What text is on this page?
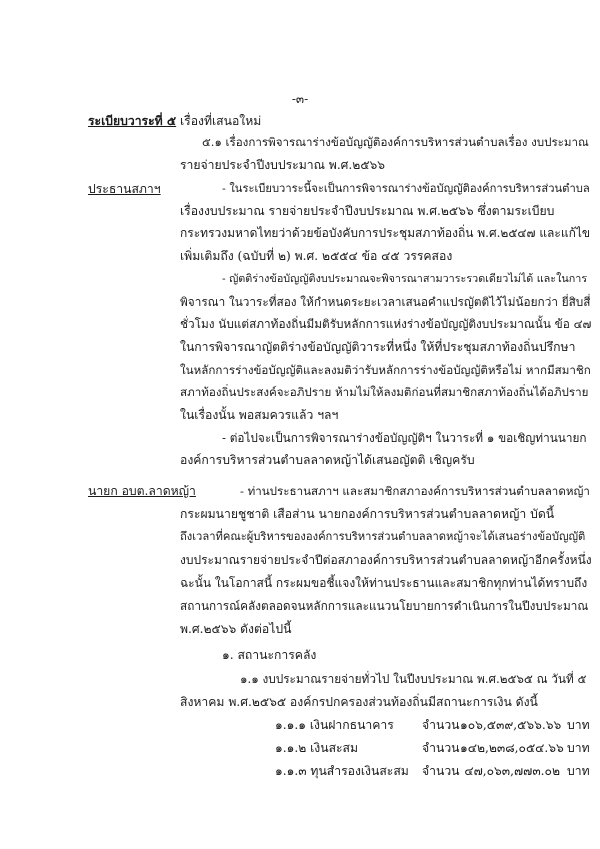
-๓-
ระเบียบวาระที่ ๕ เรื่องที่เสนอใหม่
๕.๑ เรื่องการพิจารณาร่างข้อบัญญัติองค์การบริหารส่วนตำบลเรื่อง งบประมาณ
รายจ่ายประจำปีงบประมาณ พ.ศ.๒๕๖๖
ประธานสภาฯ	- ในระเบียบวาระนี้จะเป็นการพิจารณาร่างข้อบัญญัติองค์การบริหารส่วนตำบล
เรื่องงบประมาณ รายจ่ายประจำปีงบประมาณ พ.ศ.๒๕๖๖ ซึ่งตามระเบียบ
กระทรวงมหาดไทยว่าด้วยข้อบังคับการประชุมสภาท้องถิ่น พ.ศ.๒๕๔๗ และแก้ไข
เพิ่มเติมถึง (ฉบับที่ ๒) พ.ศ. ๒๕๕๔ ข้อ ๔๕ วรรคสอง
- ญัตติร่างข้อบัญญัติงบประมาณจะพิจารณาสามวาระรวดเดียวไม่ได้ และในการ
พิจารณา ในวาระที่สอง ให้กำหนดระยะเวลาเสนอคำแปรญัตติไว้ไม่น้อยกว่า ยี่สิบสี่
ชั่วโมง นับแต่สภาท้องถิ่นมีมติรับหลักการแห่งร่างข้อบัญญัติงบประมาณนั้น ข้อ ๔๗
ในการพิจารณาญัตติร่างข้อบัญญัติวาระที่หนึ่ง ให้ที่ประชุมสภาท้องถิ่นปรึกษา
ในหลักการร่างข้อบัญญัติและลงมติว่ารับหลักการร่างข้อบัญญัติหรือไม่ หากมีสมาชิก
สภาท้องถิ่นประสงค์จะอภิปราย ห้ามไม่ให้ลงมติก่อนที่สมาชิกสภาท้องถิ่นได้อภิปราย
ในเรื่องนั้น พอสมควรแล้ว ฯลฯ
- ต่อไปจะเป็นการพิจารณาร่างข้อบัญญัติฯ ในวาระที่ ๑ ขอเชิญท่านนายก
องค์การบริหารส่วนตำบลลาดหญ้าได้เสนอญัตติ เชิญครับ
นายก อบต.ลาดหญ้า	- ท่านประธานสภาฯ และสมาชิกสภาองค์การบริหารส่วนตำบลลาดหญ้า
กระผมนายชูชาติ เสือส่าน นายกองค์การบริหารส่วนตำบลลาดหญ้า บัดนี้
ถึงเวลาที่คณะผู้บริหารขององค์การบริหารส่วนตำบลลาดหญ้าจะได้เสนอร่างข้อบัญญัติ
งบประมาณรายจ่ายประจำปีต่อสภาองค์การบริหารส่วนตำบลลาดหญ้าอีกครั้งหนึ่ง
ฉะนั้น ในโอกาสนี้ กระผมขอชี้แจงให้ท่านประธานและสมาชิกทุกท่านได้ทราบถึง
สถานการณ์คลังตลอดจนหลักการและแนวนโยบายการดำเนินการในปีงบประมาณ
พ.ศ.๒๕๖๖ ดังต่อไปนี้
๑. สถานะการคลัง
๑.๑ งบประมาณรายจ่ายทั่วไป ในปีงบประมาณ พ.ศ.๒๕๖๕ ณ วันที่ ๕
สิงหาคม พ.ศ.๒๕๖๕ องค์กรปกครองส่วนท้องถิ่นมีสถานะการเงิน ดังนี้
๑.๑.๑ เงินฝากธนาคาร จำนวน ๑๐๖,๕๓๙,๕๖๖.๖๖ บาท
๑.๑.๒ เงินสะสม	จำนวน ๑๔๒,๒๓๘,๐๕๔.๖๖ บาท
๑.๑.๓ ทุนสำรองเงินสะสม จำนวน ๔๗,๐๖๓,๗๗๓.๐๒ บาท
